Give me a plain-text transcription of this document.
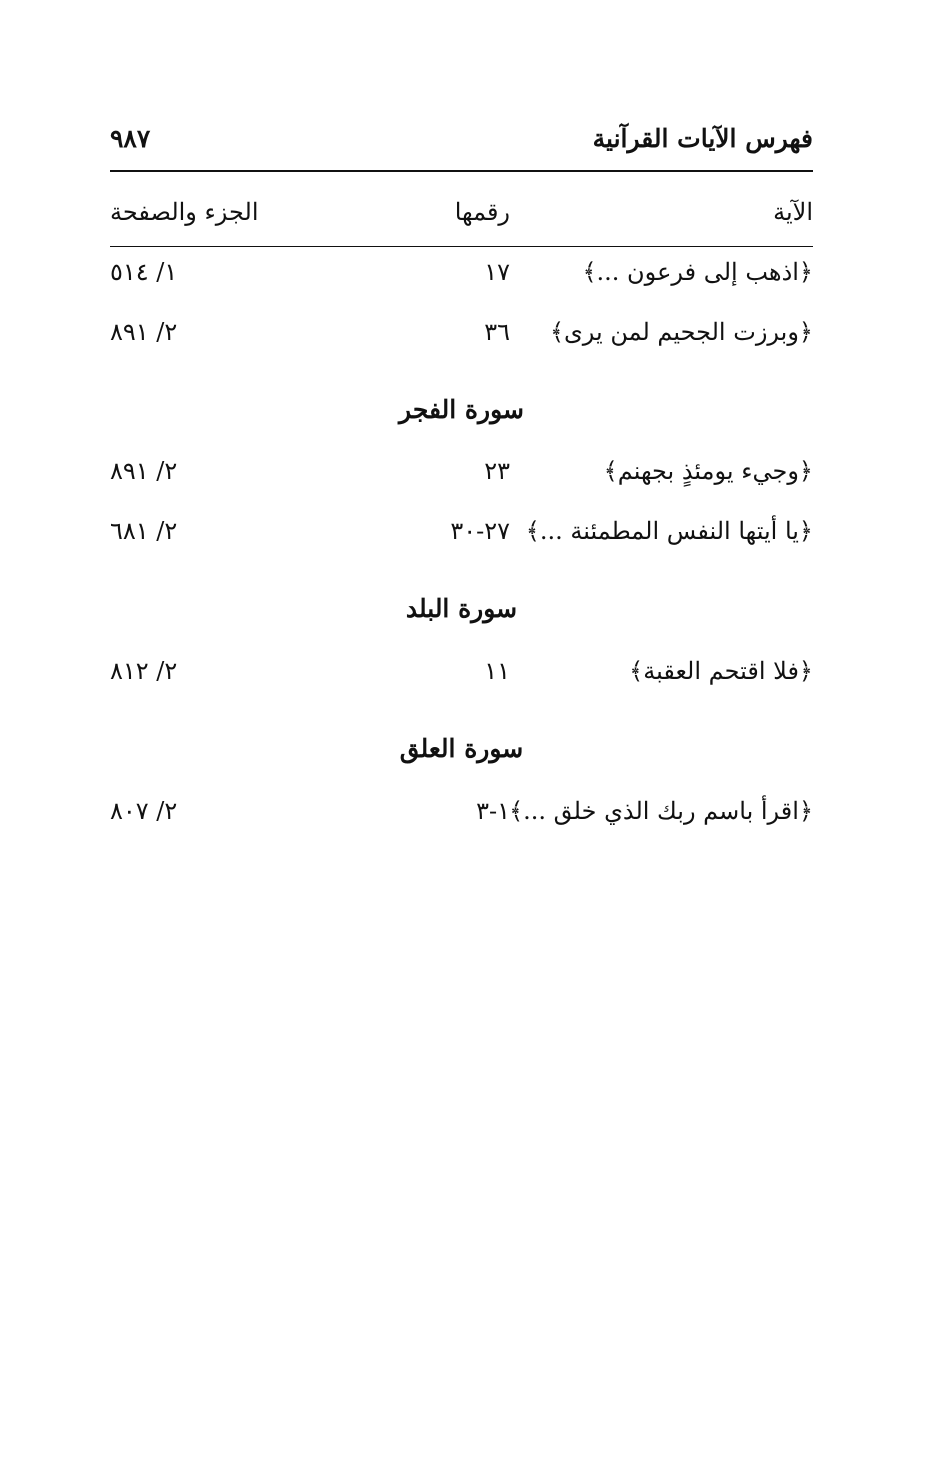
فهرس الآيات القرآنية
٩٨٧
الآية
رقمها
الجزء والصفحة
﴿اذهب إلى فرعون ...﴾
١٧
١/ ٥١٤
﴿وبرزت الجحيم لمن يرى﴾
٣٦
٢/ ٨٩١
سورة الفجر
﴿وجيء يومئذٍ بجهنم﴾
٢٣
٢/ ٨٩١
﴿يا أيتها النفس المطمئنة ...﴾
٢٧-٣٠
٢/ ٦٨١
سورة البلد
﴿فلا اقتحم العقبة﴾
١١
٢/ ٨١٢
سورة العلق
﴿اقرأ باسم ربك الذي خلق ...﴾
١-٣
٢/ ٨٠٧
